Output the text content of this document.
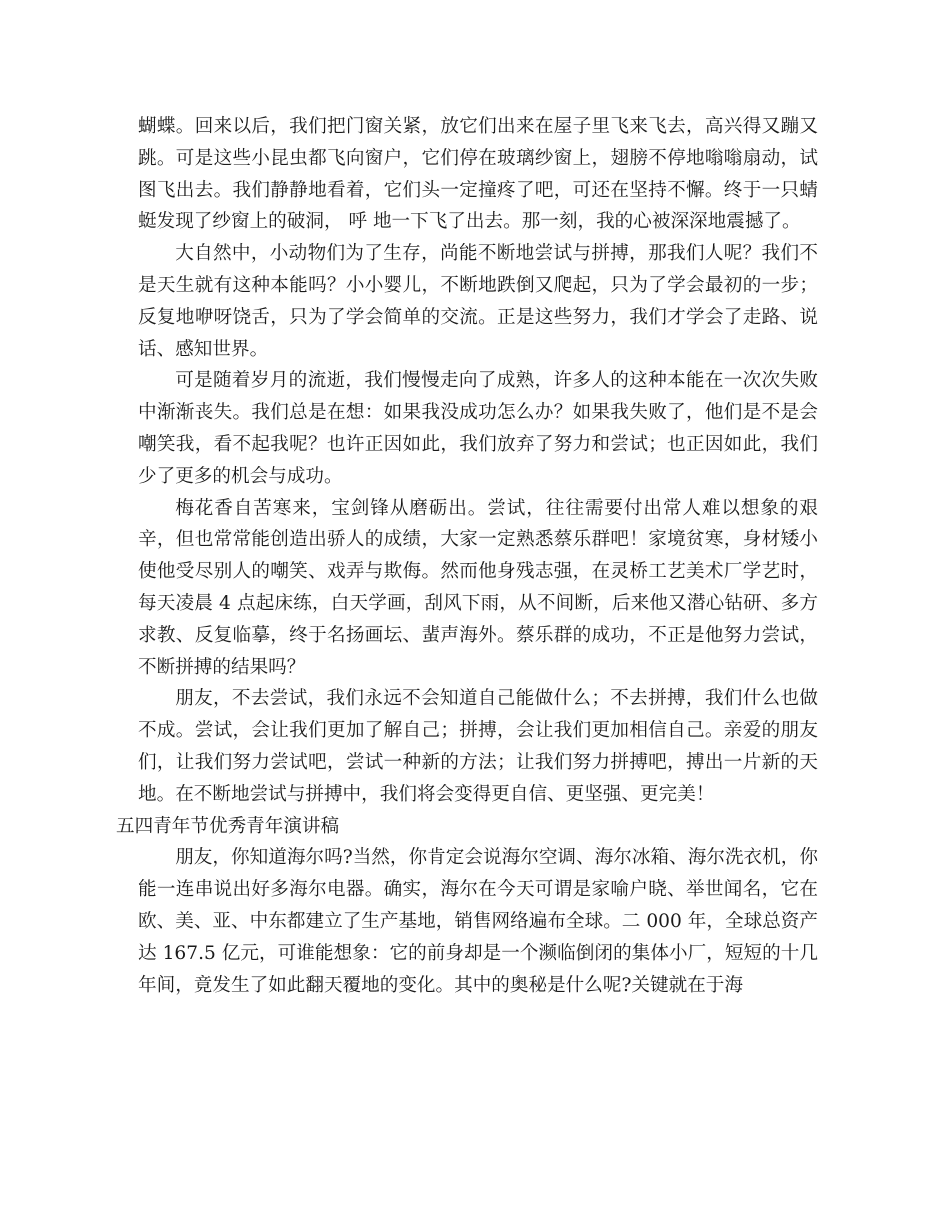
蝴蝶。回来以后，我们把门窗关紧，放它们出来在屋子里飞来飞去，高兴得又蹦又跳。可是这些小昆虫都飞向窗户，它们停在玻璃纱窗上，翅膀不停地嗡嗡扇动，试图飞出去。我们静静地看着，它们头一定撞疼了吧，可还在坚持不懈。终于一只蜻蜓发现了纱窗上的破洞， 呼 地一下飞了出去。那一刻，我的心被深深地震撼了。

大自然中，小动物们为了生存，尚能不断地尝试与拼搏，那我们人呢？我们不是天生就有这种本能吗？小小婴儿，不断地跌倒又爬起，只为了学会最初的一步；反复地咿呀饶舌，只为了学会简单的交流。正是这些努力，我们才学会了走路、说话、感知世界。

可是随着岁月的流逝，我们慢慢走向了成熟，许多人的这种本能在一次次失败中渐渐丧失。我们总是在想：如果我没成功怎么办？如果我失败了，他们是不是会嘲笑我，看不起我呢？也许正因如此，我们放弃了努力和尝试；也正因如此，我们少了更多的机会与成功。

梅花香自苦寒来，宝剑锋从磨砺出。尝试，往往需要付出常人难以想象的艰辛，但也常常能创造出骄人的成绩，大家一定熟悉蔡乐群吧！家境贫寒，身材矮小使他受尽别人的嘲笑、戏弄与欺侮。然而他身残志强，在灵桥工艺美术厂学艺时，每天凌晨 4 点起床练，白天学画，刮风下雨，从不间断，后来他又潜心钻研、多方求教、反复临摹，终于名扬画坛、蜚声海外。蔡乐群的成功，不正是他努力尝试，不断拼搏的结果吗？

朋友，不去尝试，我们永远不会知道自己能做什么；不去拼搏，我们什么也做不成。尝试，会让我们更加了解自己；拼搏，会让我们更加相信自己。亲爱的朋友们，让我们努力尝试吧，尝试一种新的方法；让我们努力拼搏吧，搏出一片新的天地。在不断地尝试与拼搏中，我们将会变得更自信、更坚强、更完美！

五四青年节优秀青年演讲稿

朋友，你知道海尔吗?当然，你肯定会说海尔空调、海尔冰箱、海尔洗衣机，你能一连串说出好多海尔电器。确实，海尔在今天可谓是家喻户晓、举世闻名，它在欧、美、亚、中东都建立了生产基地，销售网络遍布全球。二 000 年，全球总资产达 167.5 亿元，可谁能想象：它的前身却是一个濒临倒闭的集体小厂，短短的十几年间，竟发生了如此翻天覆地的变化。其中的奥秘是什么呢?关键就在于海
